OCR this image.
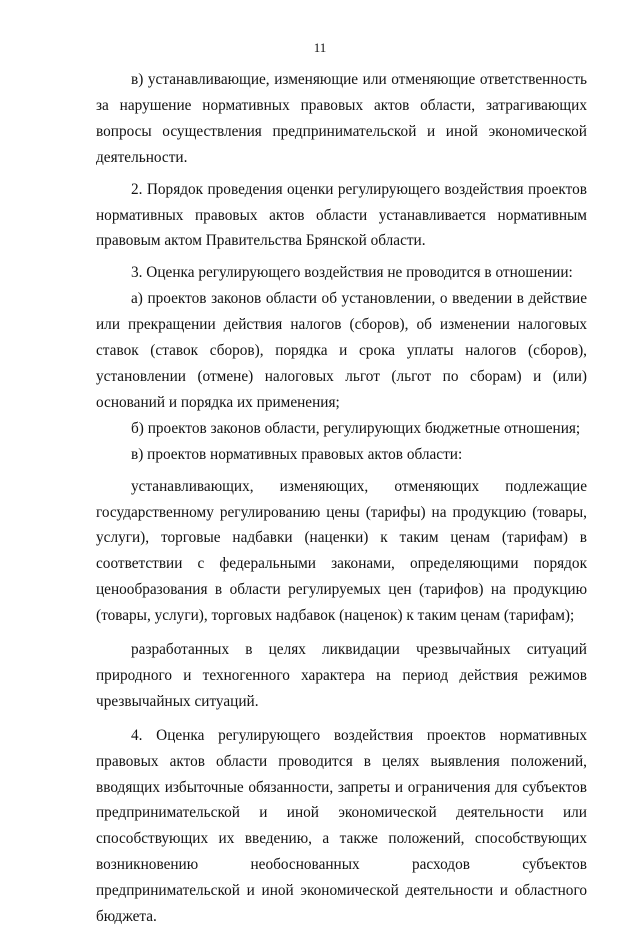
11

в) устанавливающие, изменяющие или отменяющие ответственность за нарушение нормативных правовых актов области, затрагивающих вопросы осуществления предпринимательской и иной экономической деятельности.

2. Порядок проведения оценки регулирующего воздействия проектов нормативных правовых актов области устанавливается нормативным правовым актом Правительства Брянской области.

3. Оценка регулирующего воздействия не проводится в отношении:

а) проектов законов области об установлении, о введении в действие или прекращении действия налогов (сборов), об изменении налоговых ставок (ставок сборов), порядка и срока уплаты налогов (сборов), установлении (отмене) налоговых льгот (льгот по сборам) и (или) оснований и порядка их применения;

б) проектов законов области, регулирующих бюджетные отношения;

в) проектов нормативных правовых актов области:

устанавливающих, изменяющих, отменяющих подлежащие государственному регулированию цены (тарифы) на продукцию (товары, услуги), торговые надбавки (наценки) к таким ценам (тарифам) в соответствии с федеральными законами, определяющими порядок ценообразования в области регулируемых цен (тарифов) на продукцию (товары, услуги), торговых надбавок (наценок) к таким ценам (тарифам);

разработанных в целях ликвидации чрезвычайных ситуаций природного и техногенного характера на период действия режимов чрезвычайных ситуаций.

4. Оценка регулирующего воздействия проектов нормативных правовых актов области проводится в целях выявления положений, вводящих избыточные обязанности, запреты и ограничения для субъектов предпринимательской и иной экономической деятельности или способствующих их введению, а также положений, способствующих возникновению необоснованных расходов субъектов предпринимательской и иной экономической деятельности и областного бюджета.
